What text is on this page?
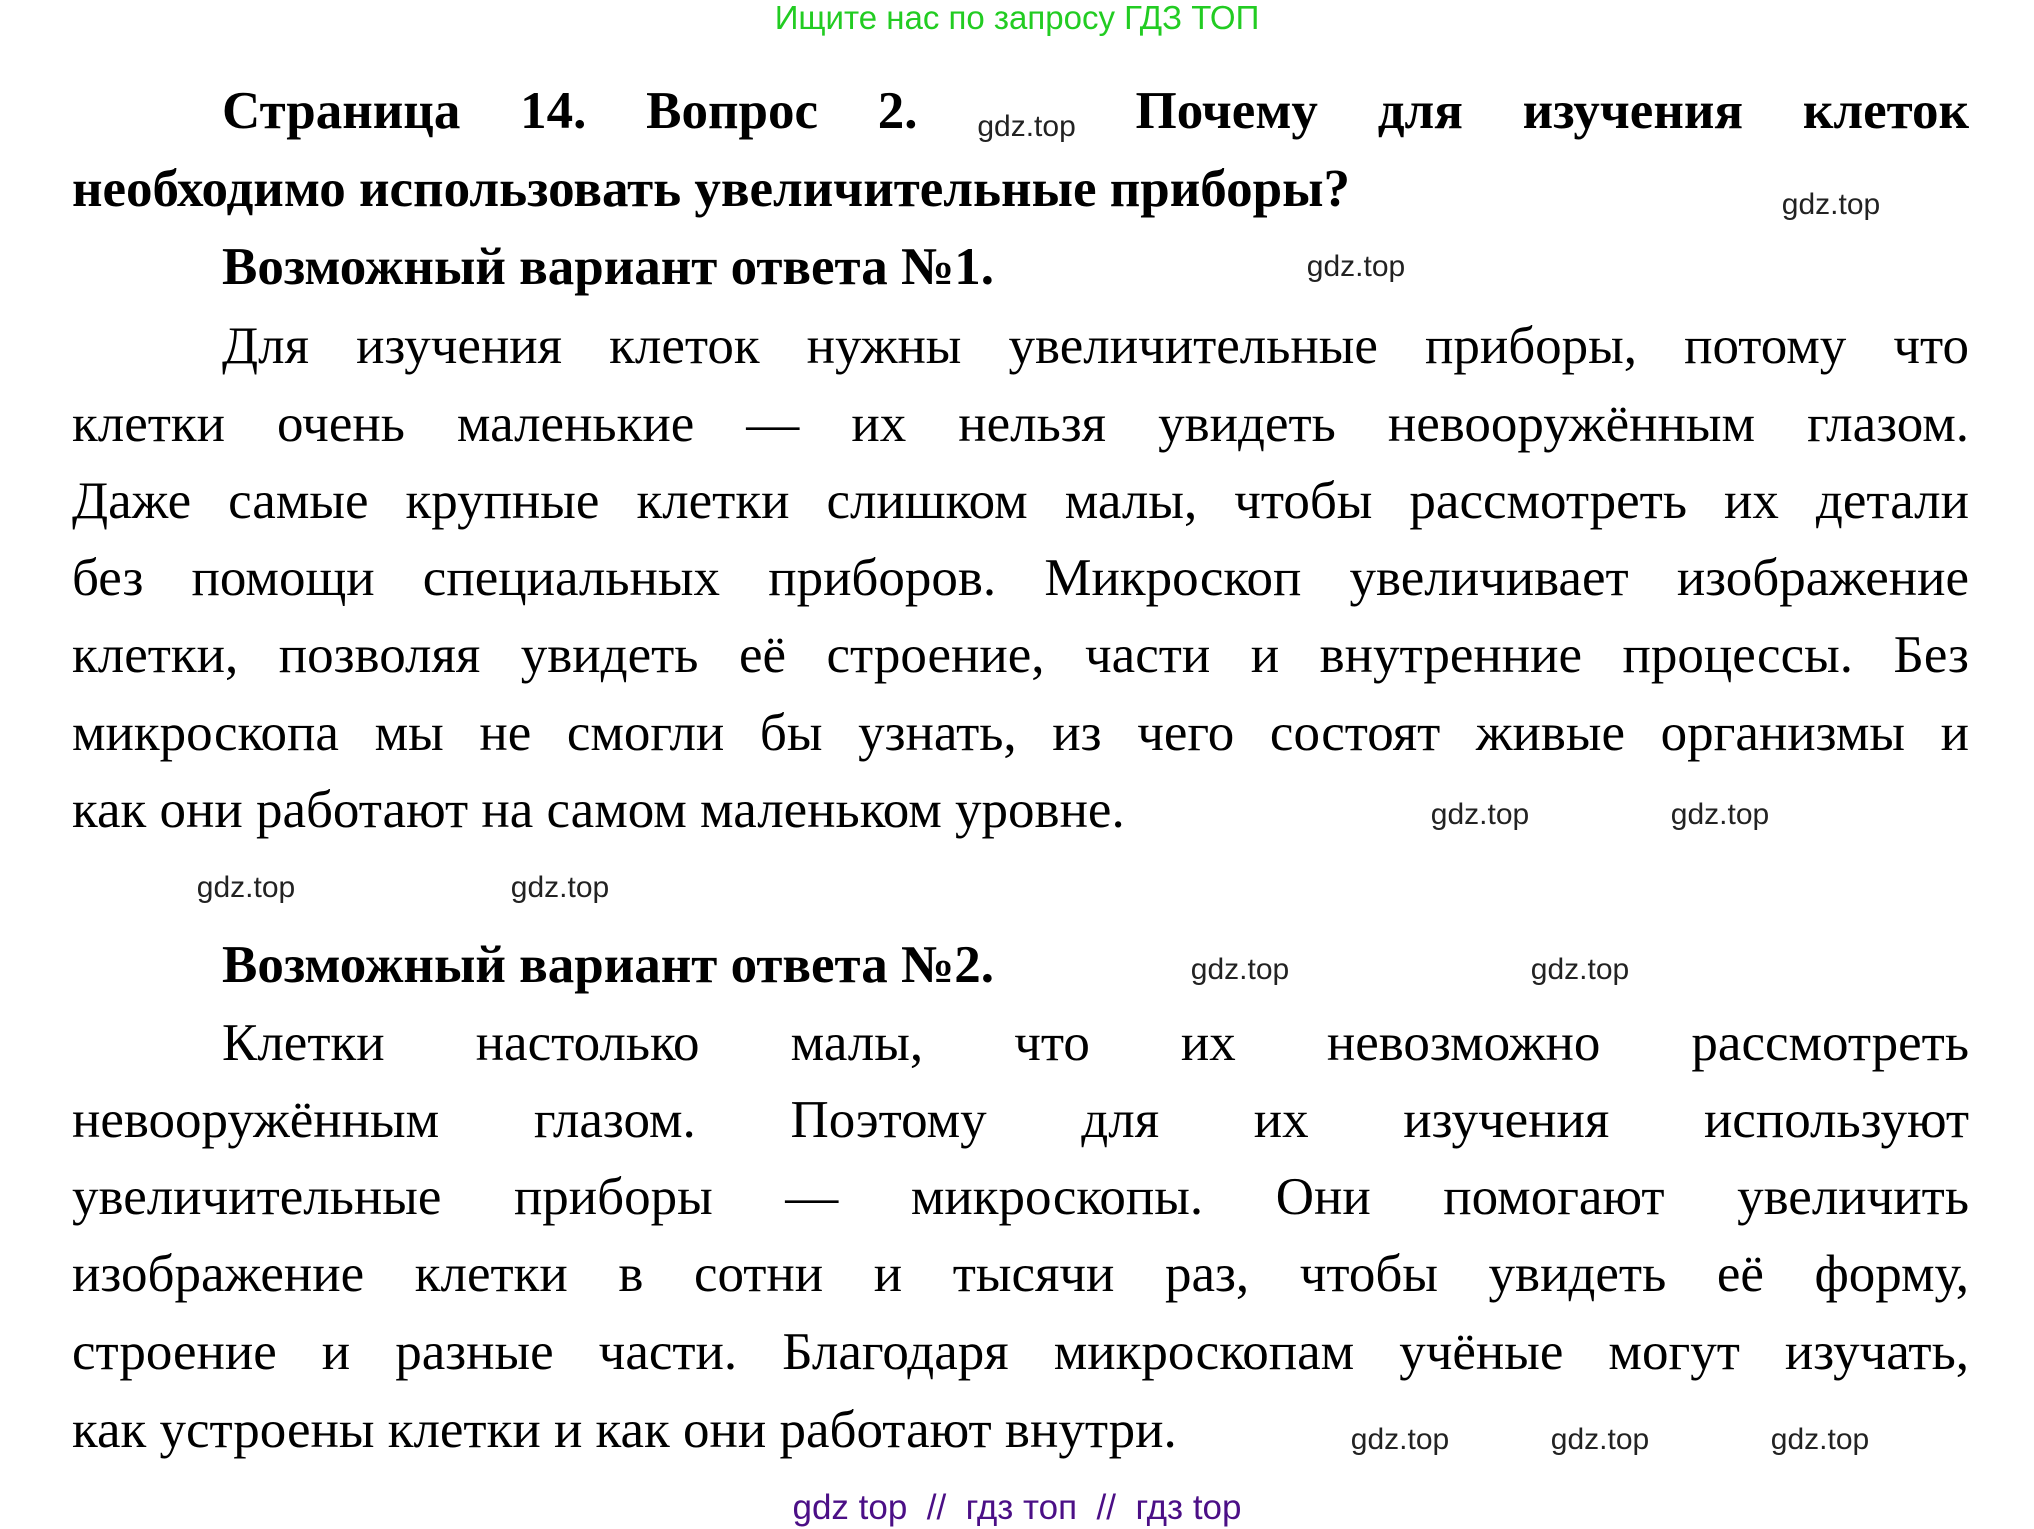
Ищите нас по запросу ГДЗ ТОП
Страница 14. Вопрос 2. gdz.top Почему для изучения клеток
необходимо использовать увеличительные приборы?
Возможный вариант ответа №1.
Для изучения клеток нужны увеличительные приборы, потому что
клетки очень маленькие — их нельзя увидеть невооружённым глазом.
Даже самые крупные клетки слишком малы, чтобы рассмотреть их детали
без помощи специальных приборов. Микроскоп увеличивает изображение
клетки, позволяя увидеть её строение, части и внутренние процессы. Без
микроскопа мы не смогли бы узнать, из чего состоят живые организмы и
как они работают на самом маленьком уровне.
Возможный вариант ответа №2.
Клетки настолько малы, что их невозможно рассмотреть
невооружённым глазом. Поэтому для их изучения используют
увеличительные приборы — микроскопы. Они помогают увеличить
изображение клетки в сотни и тысячи раз, чтобы увидеть её форму,
строение и разные части. Благодаря микроскопам учёные могут изучать,
как устроены клетки и как они работают внутри.
gdz.top
gdz.top
gdz.top
gdz.top
gdz.top
gdz.top
gdz.top	gdz.top
gdz.top	gdz.top
gdz.top
gdz top  //  гдз топ  //  гдз top
